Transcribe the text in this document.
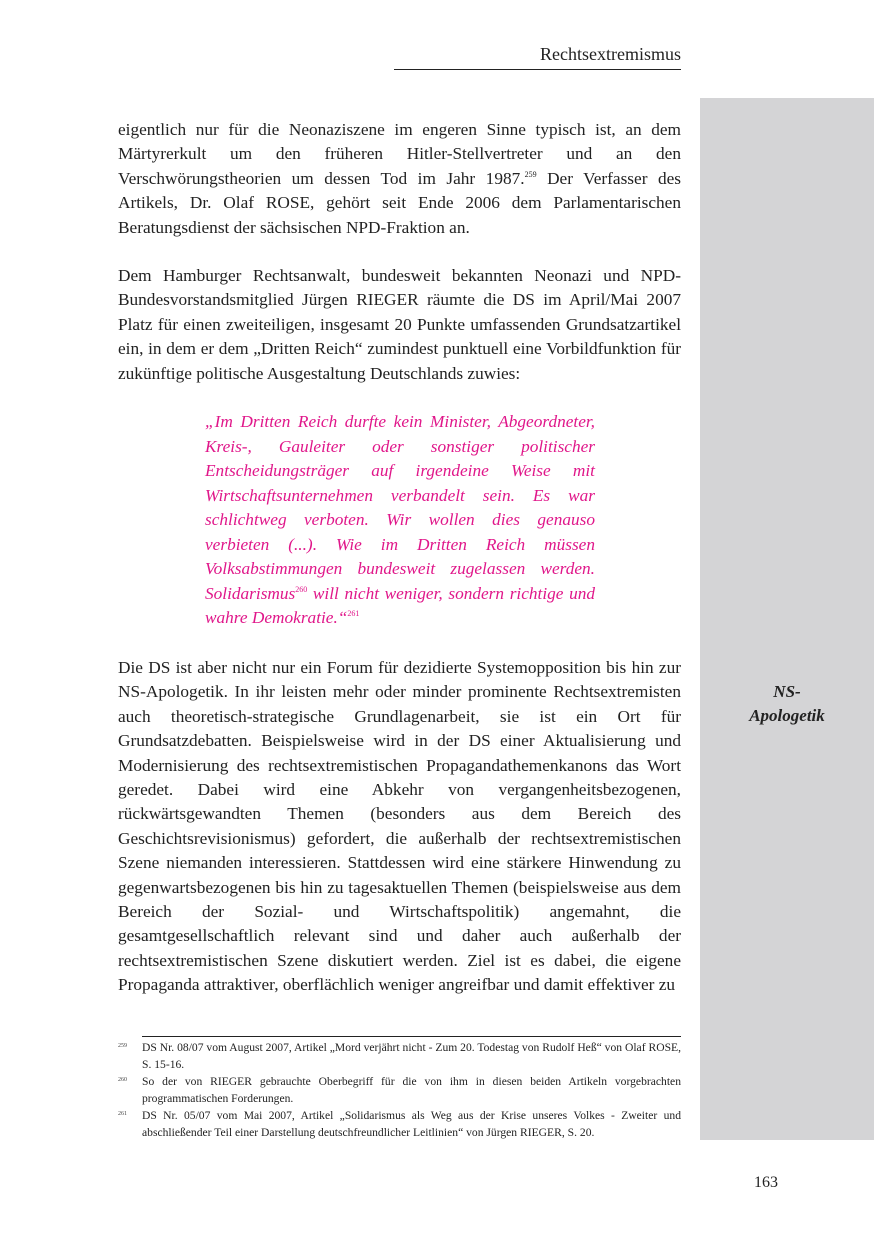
Rechtsextremismus
NS-
Apologetik

eigentlich nur für die Neonaziszene im engeren Sinne typisch ist, an dem Märtyrerkult um den früheren Hitler-Stellvertreter und an den Verschwörungstheorien um dessen Tod im Jahr 1987.$^{259}$ Der Verfasser des Artikels, Dr. Olaf ROSE, gehört seit Ende 2006 dem Parlamentarischen Beratungsdienst der sächsischen NPD-Fraktion an.

Dem Hamburger Rechtsanwalt, bundesweit bekannten Neonazi und NPD-Bundesvorstandsmitglied Jürgen RIEGER räumte die DS im April/Mai 2007 Platz für einen zweiteiligen, insgesamt 20 Punkte umfassenden Grundsatzartikel ein, in dem er dem „Dritten Reich“ zumindest punktuell eine Vorbildfunktion für zukünftige politische Ausgestaltung Deutschlands zuwies:

„Im Dritten Reich durfte kein Minister, Abgeordneter, Kreis-, Gauleiter oder sonstiger politischer Entscheidungsträger auf irgendeine Weise mit Wirtschaftsunternehmen verbandelt sein. Es war schlichtweg verboten. Wir wollen dies genauso verbieten (...). Wie im Dritten Reich müssen Volksabstimmungen bundesweit zugelassen werden. Solidarismus$^{260}$ will nicht weniger, sondern richtige und wahre Demokratie.“$^{261}$

Die DS ist aber nicht nur ein Forum für dezidierte Systemopposition bis hin zur NS-Apologetik. In ihr leisten mehr oder minder prominente Rechtsextremisten auch theoretisch-strategische Grundlagenarbeit, sie ist ein Ort für Grundsatzdebatten. Beispielsweise wird in der DS einer Aktualisierung und Modernisierung des rechtsextremistischen Propagandathemenkanons das Wort geredet. Dabei wird eine Abkehr von vergangenheitsbezogenen, rückwärtsgewandten Themen (besonders aus dem Bereich des Geschichtsrevisionismus) gefordert, die außerhalb der rechtsextremistischen Szene niemanden interessieren. Stattdessen wird eine stärkere Hinwendung zu gegenwartsbezogenen bis hin zu tagesaktuellen Themen (beispielsweise aus dem Bereich der Sozial- und Wirtschaftspolitik) angemahnt, die gesamtgesellschaftlich relevant sind und daher auch außerhalb der rechtsextremistischen Szene diskutiert werden. Ziel ist es dabei, die eigene Propaganda attraktiver, oberflächlich weniger angreifbar und damit effektiver zu

259 DS Nr. 08/07 vom August 2007, Artikel „Mord verjährt nicht - Zum 20. Todestag von Rudolf Heß“ von Olaf ROSE, S. 15-16.

260 So der von RIEGER gebrauchte Oberbegriff für die von ihm in diesen beiden Artikeln vorgebrachten programmatischen Forderungen.

261 DS Nr. 05/07 vom Mai 2007, Artikel „Solidarismus als Weg aus der Krise unseres Volkes - Zweiter und abschließender Teil einer Darstellung deutschfreundlicher Leitlinien“ von Jürgen RIEGER, S. 20.

163
